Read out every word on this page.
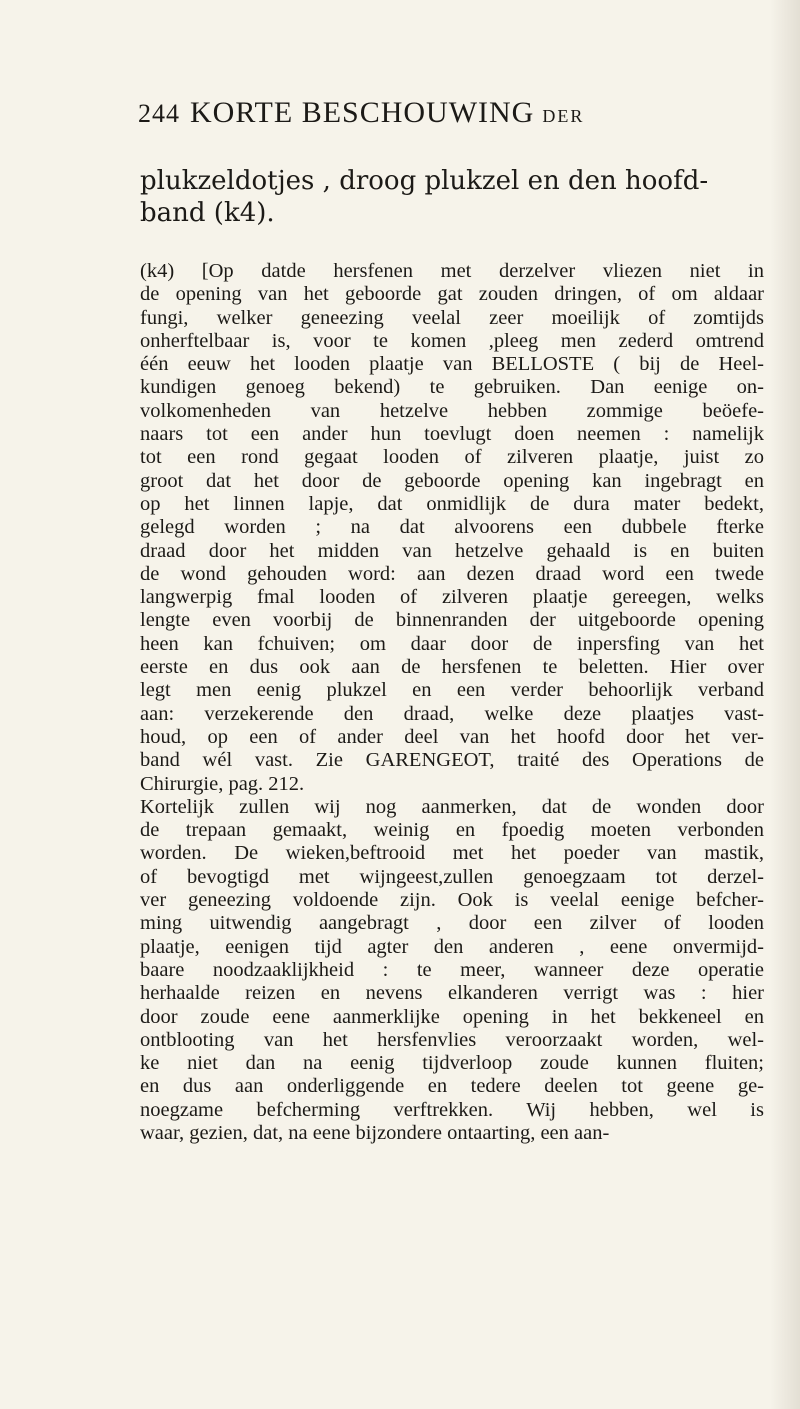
244 KORTE BESCHOUWING DER
plukzeldotjes , droog plukzel en den hoofd-
band (k4).
(k4) [Op datde hersfenen met derzelver vliezen niet in
de opening van het geboorde gat zouden dringen, of om aldaar
fungi, welker geneezing veelal zeer moeilijk of zomtijds
onherftelbaar is, voor te komen ,pleeg men zederd omtrend
één eeuw het looden plaatje van BELLOSTE ( bij de Heel-
kundigen genoeg bekend) te gebruiken. Dan eenige on-
volkomenheden van hetzelve hebben zommige beöefe-
naars tot een ander hun toevlugt doen neemen : namelijk
tot een rond gegaat looden of zilveren plaatje, juist zo
groot dat het door de geboorde opening kan ingebragt en
op het linnen lapje, dat onmidlijk de dura mater bedekt,
gelegd worden ; na dat alvoorens een dubbele fterke
draad door het midden van hetzelve gehaald is en buiten
de wond gehouden word: aan dezen draad word een twede
langwerpig fmal looden of zilveren plaatje gereegen, welks
lengte even voorbij de binnenranden der uitgeboorde opening
heen kan fchuiven; om daar door de inpersfing van het
eerste en dus ook aan de hersfenen te beletten. Hier over
legt men eenig plukzel en een verder behoorlijk verband
aan: verzekerende den draad, welke deze plaatjes vast-
houd, op een of ander deel van het hoofd door het ver-
band wél vast. Zie GARENGEOT, traité des Operations de
Chirurgie, pag. 212.
Kortelijk zullen wij nog aanmerken, dat de wonden door
de trepaan gemaakt, weinig en fpoedig moeten verbonden
worden. De wieken,beftrooid met het poeder van mastik,
of bevogtigd met wijngeest,zullen genoegzaam tot derzel-
ver geneezing voldoende zijn. Ook is veelal eenige befcher-
ming uitwendig aangebragt , door een zilver of looden
plaatje, eenigen tijd agter den anderen , eene onvermijd-
baare noodzaaklijkheid : te meer, wanneer deze operatie
herhaalde reizen en nevens elkanderen verrigt was : hier
door zoude eene aanmerklijke opening in het bekkeneel en
ontblooting van het hersfenvlies veroorzaakt worden, wel-
ke niet dan na eenig tijdverloop zoude kunnen fluiten;
en dus aan onderliggende en tedere deelen tot geene ge-
noegzame befcherming verftrekken. Wij hebben, wel is
waar, gezien, dat, na eene bijzondere ontaarting, een aan-
